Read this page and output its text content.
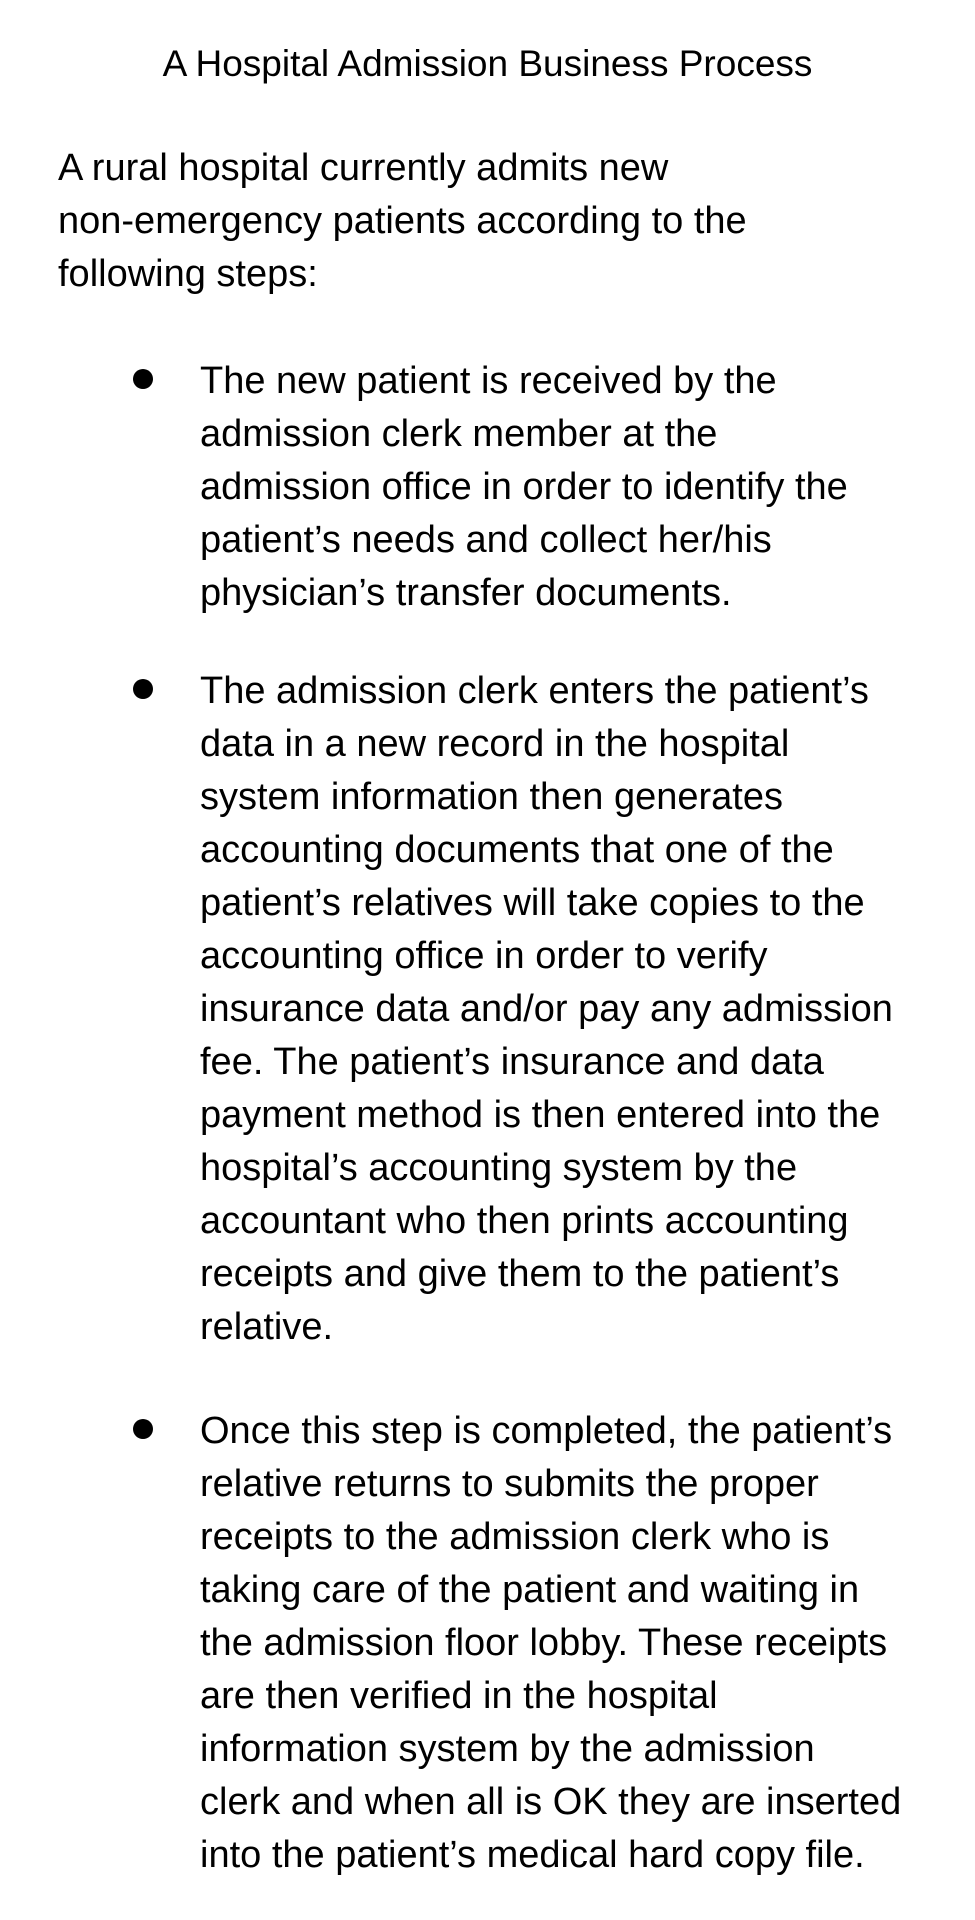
A Hospital Admission Business Process

A rural hospital currently admits new
non-emergency patients according to the
following steps:

The new patient is received by the
admission clerk member at the
admission office in order to identify the
patient’s needs and collect her/his
physician’s transfer documents.

The admission clerk enters the patient’s
data in a new record in the hospital
system information then generates
accounting documents that one of the
patient’s relatives will take copies to the
accounting office in order to verify
insurance data and/or pay any admission
fee. The patient’s insurance and data
payment method is then entered into the
hospital’s accounting system by the
accountant who then prints accounting
receipts and give them to the patient’s
relative.

Once this step is completed, the patient’s
relative returns to submits the proper
receipts to the admission clerk who is
taking care of the patient and waiting in
the admission floor lobby. These receipts
are then verified in the hospital
information system by the admission
clerk and when all is OK they are inserted
into the patient’s medical hard copy file.
